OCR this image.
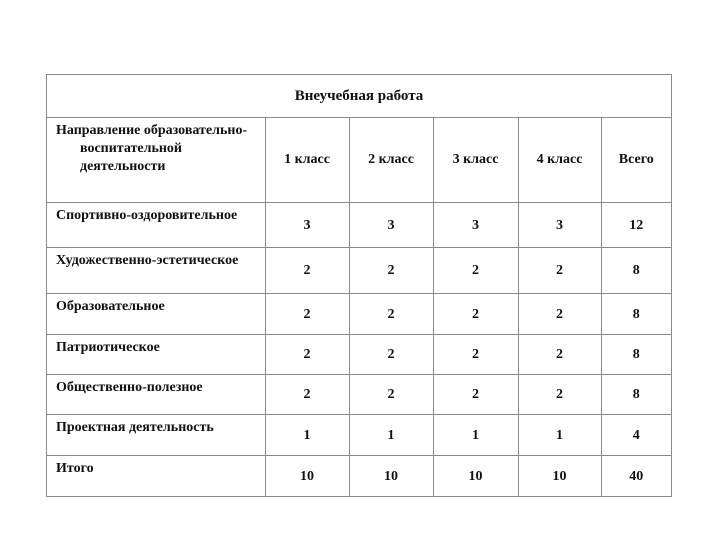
Внеучебная работа
Направление образовательно-воспитательной деятельности	1 класс	2 класс	3 класс	4 класс	Всего

Спортивно-оздоровительное	3	3	3	3	12

Художественно-эстетическое	2	2	2	2	8

Образовательное	2	2	2	2	8

Патриотическое	2	2	2	2	8

Общественно-полезное	2	2	2	2	8

Проектная деятельность	1	1	1	1	4

Итого	10	10	10	10	40
